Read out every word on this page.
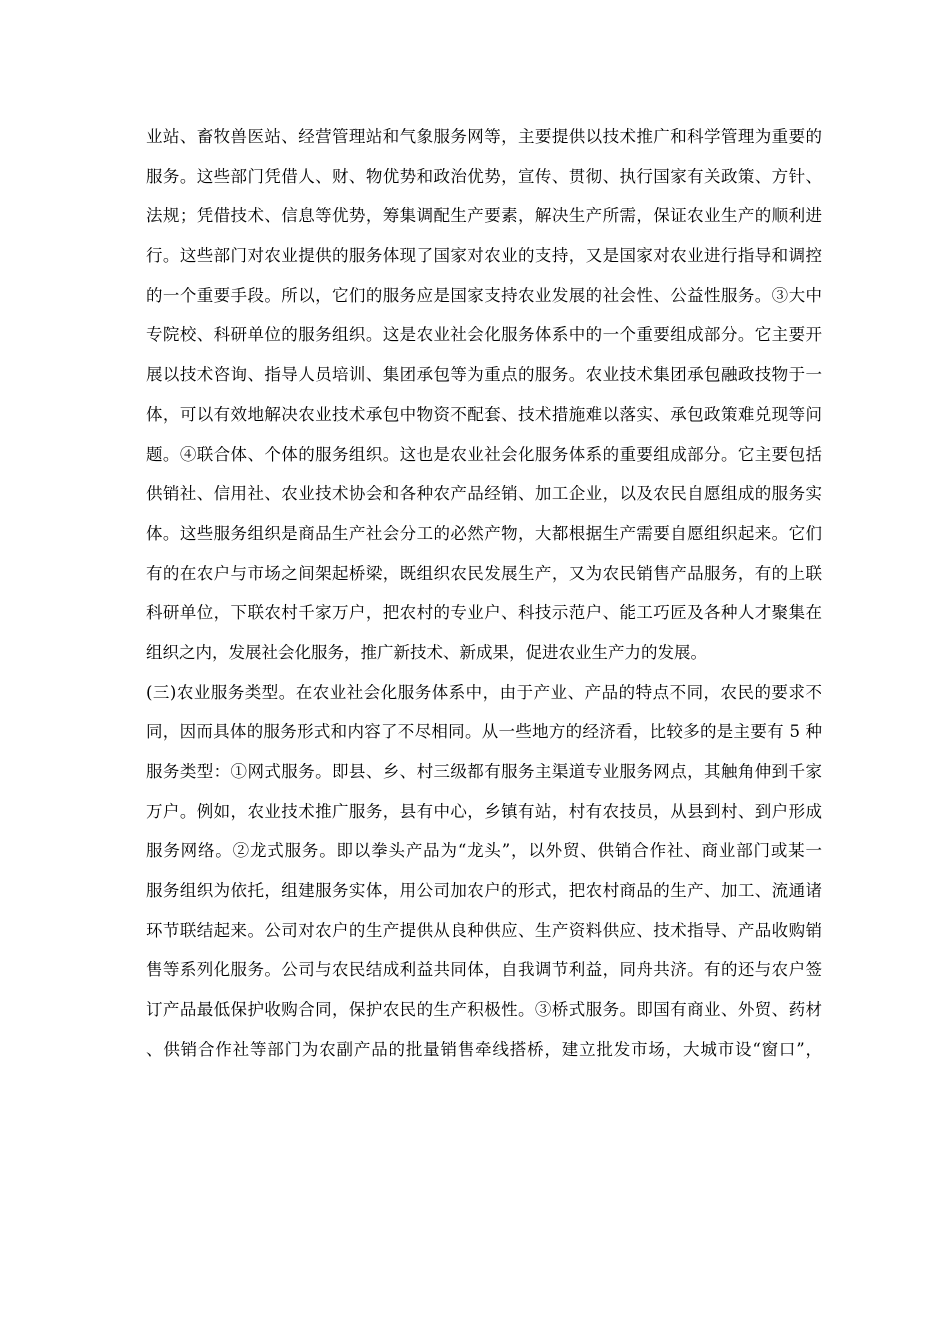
业站、畜牧兽医站、经营管理站和气象服务网等，主要提供以技术推广和科学管理为重要的
服务。这些部门凭借人、财、物优势和政治优势，宣传、贯彻、执行国家有关政策、方针、
法规；凭借技术、信息等优势，筹集调配生产要素，解决生产所需，保证农业生产的顺利进
行。这些部门对农业提供的服务体现了国家对农业的支持，又是国家对农业进行指导和调控
的一个重要手段。所以，它们的服务应是国家支持农业发展的社会性、公益性服务。③大中
专院校、科研单位的服务组织。这是农业社会化服务体系中的一个重要组成部分。它主要开
展以技术咨询、指导人员培训、集团承包等为重点的服务。农业技术集团承包融政技物于一
体，可以有效地解决农业技术承包中物资不配套、技术措施难以落实、承包政策难兑现等问
题。④联合体、个体的服务组织。这也是农业社会化服务体系的重要组成部分。它主要包括
供销社、信用社、农业技术协会和各种农产品经销、加工企业，以及农民自愿组成的服务实
体。这些服务组织是商品生产社会分工的必然产物，大都根据生产需要自愿组织起来。它们
有的在农户与市场之间架起桥梁，既组织农民发展生产，又为农民销售产品服务，有的上联
科研单位，下联农村千家万户，把农村的专业户、科技示范户、能工巧匠及各种人才聚集在
组织之内，发展社会化服务，推广新技术、新成果，促进农业生产力的发展。
(三)农业服务类型。在农业社会化服务体系中，由于产业、产品的特点不同，农民的要求不
同，因而具体的服务形式和内容了不尽相同。从一些地方的经济看，比较多的是主要有 5 种
服务类型：①网式服务。即县、乡、村三级都有服务主渠道专业服务网点，其触角伸到千家
万户。例如，农业技术推广服务，县有中心，乡镇有站，村有农技员，从县到村、到户形成
服务网络。②龙式服务。即以拳头产品为“龙头”，以外贸、供销合作社、商业部门或某一
服务组织为依托，组建服务实体，用公司加农户的形式，把农村商品的生产、加工、流通诸
环节联结起来。公司对农户的生产提供从良种供应、生产资料供应、技术指导、产品收购销
售等系列化服务。公司与农民结成利益共同体，自我调节利益，同舟共济。有的还与农户签
订产品最低保护收购合同，保护农民的生产积极性。③桥式服务。即国有商业、外贸、药材
、供销合作社等部门为农副产品的批量销售牵线搭桥，建立批发市场，大城市设“窗口”，
